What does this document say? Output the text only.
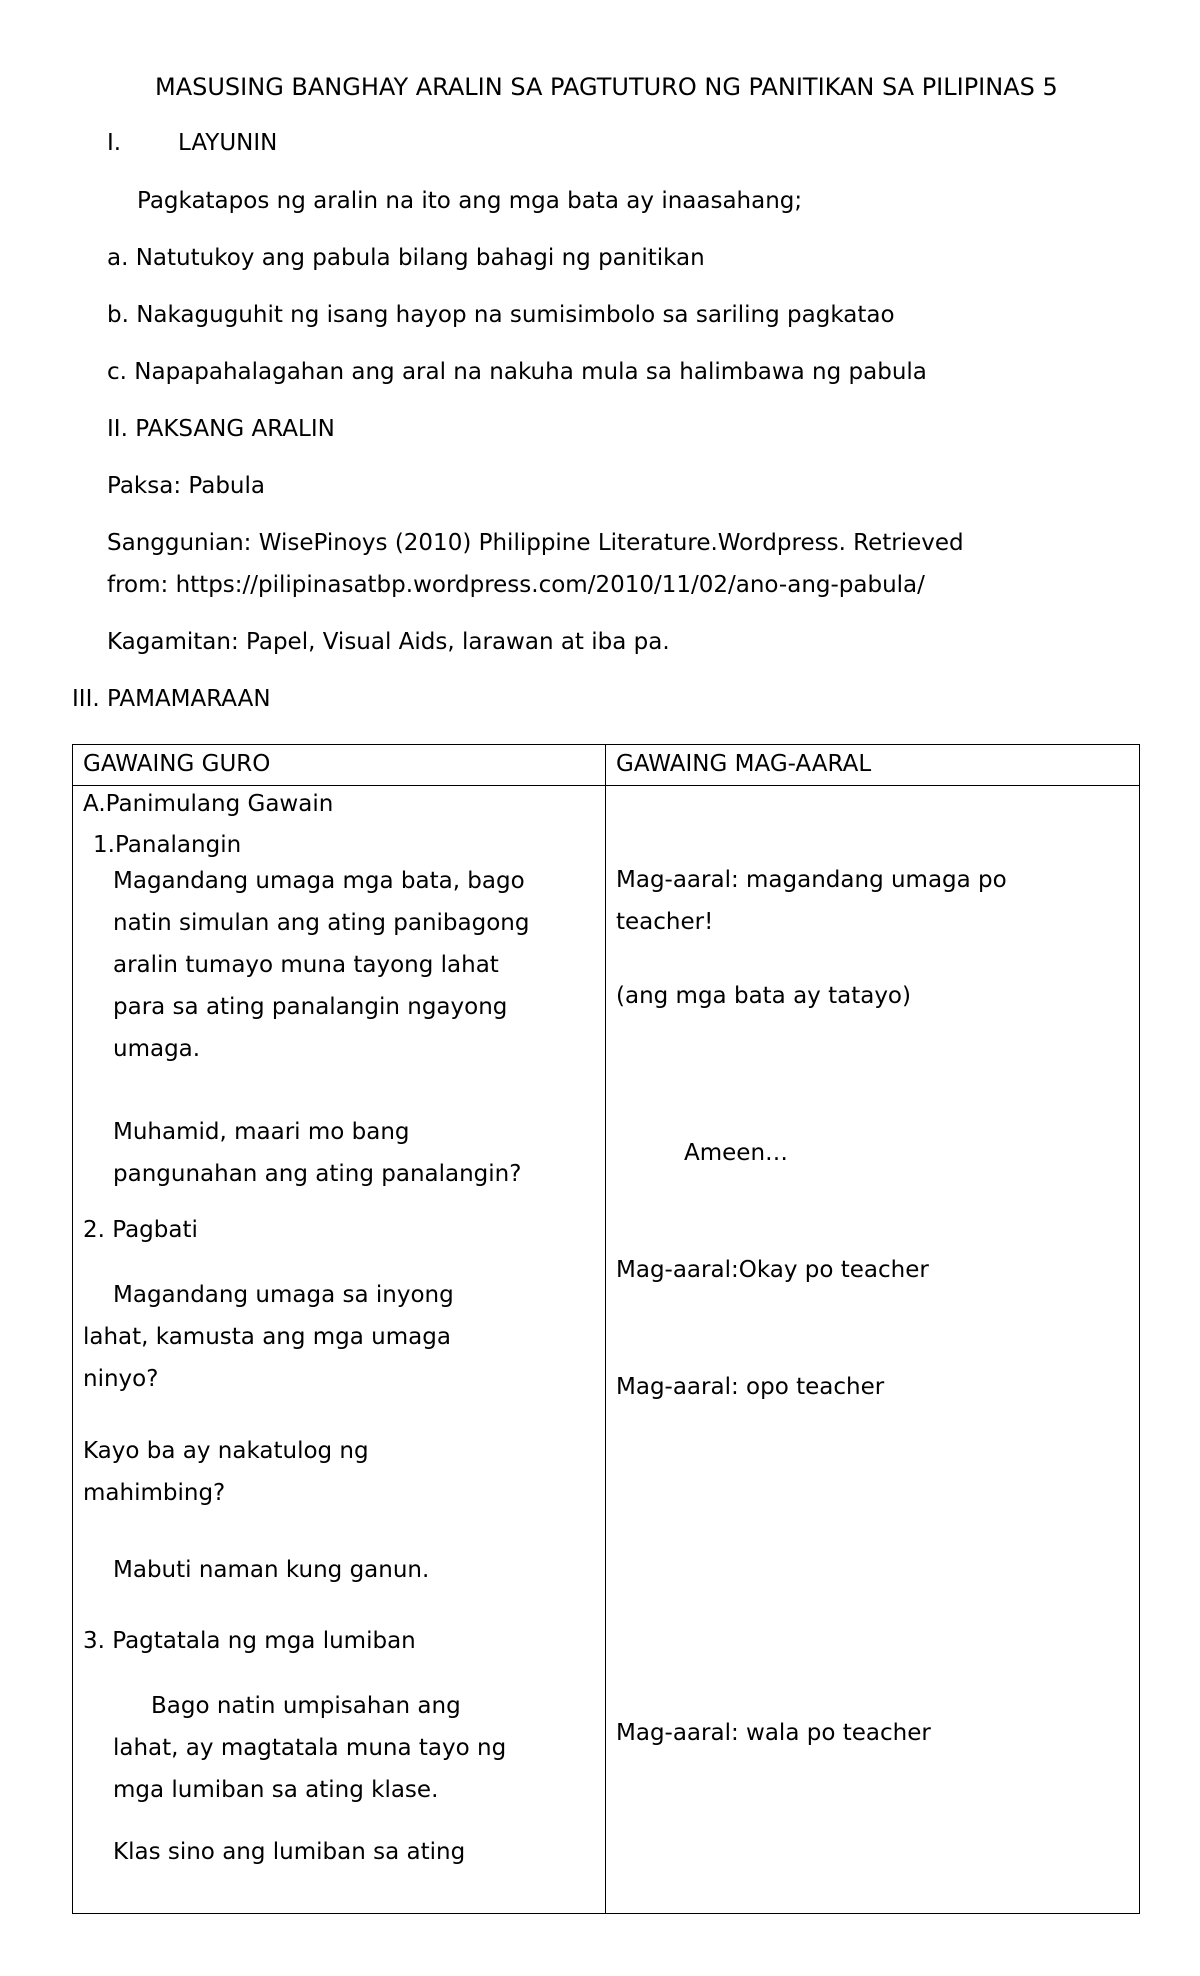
MASUSING BANGHAY ARALIN SA PAGTUTURO NG PANITIKAN SA PILIPINAS 5

I. LAYUNIN

Pagkatapos ng aralin na ito ang mga bata ay inaasahang;

a. Natutukoy ang pabula bilang bahagi ng panitikan

b. Nakaguguhit ng isang hayop na sumisimbolo sa sariling pagkatao

c. Napapahalagahan ang aral na nakuha mula sa halimbawa ng pabula

II. PAKSANG ARALIN

Paksa: Pabula

Sanggunian: WisePinoys (2010) Philippine Literature.Wordpress. Retrieved

from: https://pilipinasatbp.wordpress.com/2010/11/02/ano-ang-pabula/

Kagamitan: Papel, Visual Aids, larawan at iba pa.

III. PAMAMARAAN

GAWAING GURO	GAWAING MAG-AARAL

A.Panimulang Gawain

1.Panalangin

Magandang umaga mga bata, bago
natin simulan ang ating panibagong
aralin tumayo muna tayong lahat
para sa ating panalangin ngayong
umaga.
Muhamid, maari mo bang
pangunahan ang ating panalangin?

2. Pagbati

Magandang umaga sa inyong
lahat, kamusta ang mga umaga
ninyo?
Kayo ba ay nakatulog ng
mahimbing?

Mabuti naman kung ganun.

3. Pagtatala ng mga lumiban

Bago natin umpisahan ang
lahat, ay magtatala muna tayo ng
mga lumiban sa ating klase.

Klas sino ang lumiban sa ating

Mag-aaral: magandang umaga po
teacher!

(ang mga bata ay tatayo)

Ameen…

Mag-aaral:Okay po teacher

Mag-aaral: opo teacher

Mag-aaral: wala po teacher
